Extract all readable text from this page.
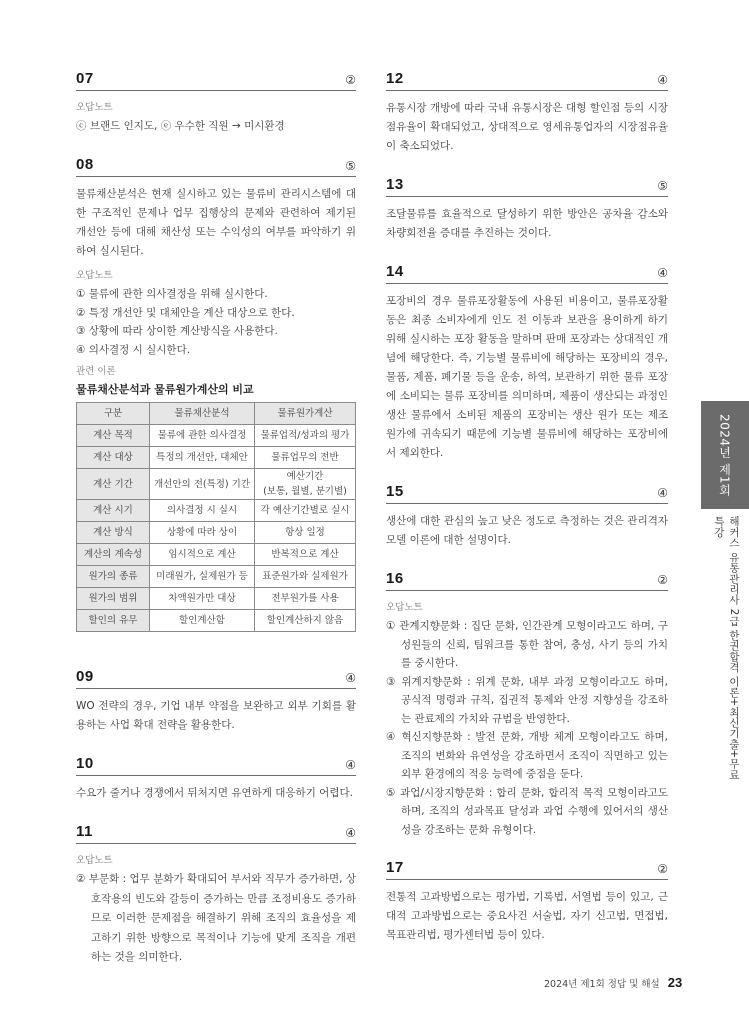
07	②
오답노트

ⓒ 브랜드 인지도, ⓔ 우수한 직원 → 미시환경

08	⑤

물류채산분석은 현재 실시하고 있는 물류비 관리시스템에 대한 구조적인 문제나 업무 집행상의 문제와 관련하여 제기된 개선안 등에 대해 채산성 또는 수익성의 여부를 파악하기 위하여 실시된다.

오답노트

① 물류에 관한 의사결정을 위해 실시한다.

② 특정 개선안 및 대체안을 계산 대상으로 한다.

③ 상황에 따라 상이한 계산방식을 사용한다.

④ 의사결정 시 실시한다.

관련 이론
물류채산분석과 물류원가계산의 비교
구분	물류채산분석	물류원가계산
계산 목적	물류에 관한 의사결정	물류업적/성과의 평가
계산 대상	특정의 개선안, 대체안	물류업무의 전반
계산 기간	개선안의 전(특정) 기간	예산기간
(보통, 월별, 분기별)

계산 시기	의사결정 시 실시	각 예산기간별로 실시
계산 방식	상황에 따라 상이	항상 일정
계산의 계속성	임시적으로 계산	반복적으로 계산
원가의 종류	미래원가, 실제원가 등	표준원가와 실제원가
원가의 범위	차액원가만 대상	전부원가를 사용
할인의 유무	할인계산함	할인계산하지 않음
09	④

WO 전략의 경우, 기업 내부 약점을 보완하고 외부 기회를 활용하는 사업 확대 전략을 활용한다.

10	④

수요가 줄거나 경쟁에서 뒤처지면 유연하게 대응하기 어렵다.

11	④
오답노트

② 부문화 : 업무 분화가 확대되어 부서와 직무가 증가하면, 상호작용의 빈도와 갈등이 증가하는 만큼 조정비용도 증가하므로 이러한 문제점을 해결하기 위해 조직의 효율성을 제고하기 위한 방향으로 목적이나 기능에 맞게 조직을 개편하는 것을 의미한다.

12	④

유통시장 개방에 따라 국내 유통시장은 대형 할인점 등의 시장점유율이 확대되었고, 상대적으로 영세유통업자의 시장점유율이 축소되었다.

13	⑤

조달물류를 효율적으로 달성하기 위한 방안은 공차율 감소와 차량회전율 증대를 추진하는 것이다.

14	④

포장비의 경우 물류포장활동에 사용된 비용이고, 물류포장활동은 최종 소비자에게 인도 전 이동과 보관을 용이하게 하기 위해 실시하는 포장 활동을 말하며 판매 포장과는 상대적인 개념에 해당한다. 즉, 기능별 물류비에 해당하는 포장비의 경우, 물품, 제품, 폐기물 등을 운송, 하역, 보관하기 위한 물류 포장에 소비되는 물류 포장비를 의미하며, 제품이 생산되는 과정인 생산 물류에서 소비된 제품의 포장비는 생산 원가 또는 제조 원가에 귀속되기 때문에 기능별 물류비에 해당하는 포장비에서 제외한다.

15	④

생산에 대한 관심의 높고 낮은 정도로 측정하는 것은 관리격자 모델 이론에 대한 설명이다.

16	②
오답노트

① 관계지향문화 : 집단 문화, 인간관계 모형이라고도 하며, 구성원들의 신뢰, 팀워크를 통한 참여, 충성, 사기 등의 가치를 중시한다.

③ 위계지향문화 : 위계 문화, 내부 과정 모형이라고도 하며, 공식적 명령과 규칙, 집권적 통제와 안정 지향성을 강조하는 관료제의 가치와 규범을 반영한다.

④ 혁신지향문화 : 발전 문화, 개방 체계 모형이라고도 하며, 조직의 변화와 유연성을 강조하면서 조직이 직면하고 있는 외부 환경에의 적응 능력에 중점을 둔다.

⑤ 과업/시장지향문화 : 합리 문화, 합리적 목적 모형이라고도 하며, 조직의 성과목표 달성과 과업 수행에 있어서의 생산성을 강조하는 문화 유형이다.

17	②

전통적 고과방법으로는 평가법, 기록법, 서열법 등이 있고, 근대적 고과방법으로는 중요사건 서술법, 자기 신고법, 면접법, 목표관리법, 평가센터법 등이 있다.

2024년 제1회
해커스 유통관리사 2급 한권합격 이론+최신기출+무료특강
2024년 제1회 정답 및 해설 23
